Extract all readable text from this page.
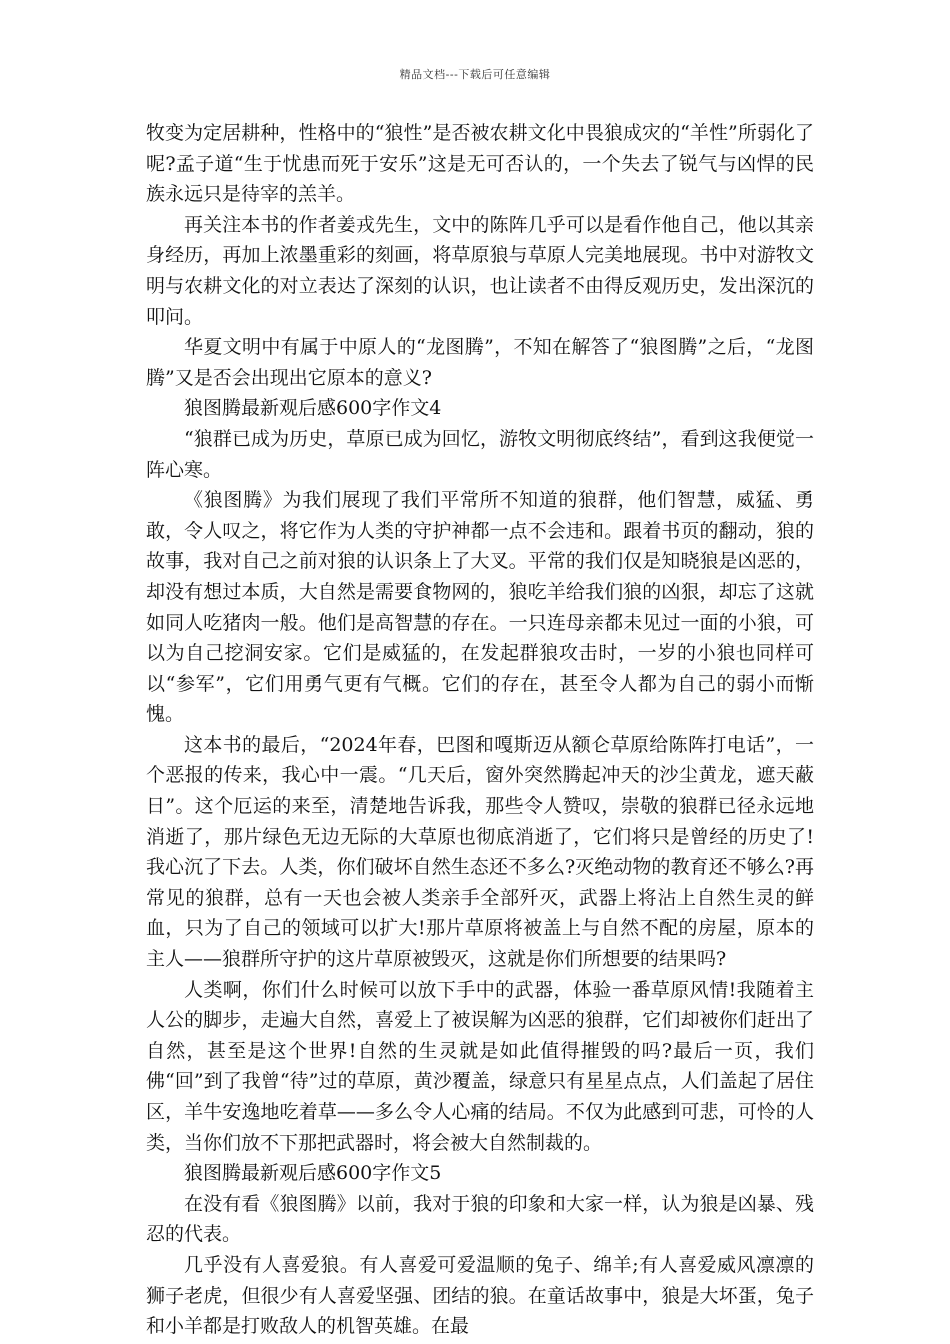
精品文档---下载后可任意编辑

牧变为定居耕种，性格中的“狼性”是否被农耕文化中畏狼成灾的“羊性”所弱化了呢?孟子道“生于忧患而死于安乐”这是无可否认的，一个失去了锐气与凶悍的民族永远只是待宰的羔羊。

再关注本书的作者姜戎先生，文中的陈阵几乎可以是看作他自己，他以其亲身经历，再加上浓墨重彩的刻画，将草原狼与草原人完美地展现。书中对游牧文明与农耕文化的对立表达了深刻的认识，也让读者不由得反观历史，发出深沉的叩问。

华夏文明中有属于中原人的“龙图腾”，不知在解答了“狼图腾”之后，“龙图腾”又是否会出现出它原本的意义?

狼图腾最新观后感600字作文4

“狼群已成为历史，草原已成为回忆，游牧文明彻底终结”，看到这我便觉一阵心寒。

《狼图腾》为我们展现了我们平常所不知道的狼群，他们智慧，威猛、勇敢，令人叹之，将它作为人类的守护神都一点不会违和。跟着书页的翻动，狼的故事，我对自己之前对狼的认识条上了大叉。平常的我们仅是知晓狼是凶恶的，却没有想过本质，大自然是需要食物网的，狼吃羊给我们狼的凶狠，却忘了这就如同人吃猪肉一般。他们是高智慧的存在。一只连母亲都未见过一面的小狼，可以为自己挖洞安家。它们是威猛的，在发起群狼攻击时，一岁的小狼也同样可以“参军”，它们用勇气更有气概。它们的存在，甚至令人都为自己的弱小而惭愧。

这本书的最后，“2024年春，巴图和嘎斯迈从额仑草原给陈阵打电话”，一个恶报的传来，我心中一震。“几天后，窗外突然腾起冲天的沙尘黄龙，遮天蔽日”。这个厄运的来至，清楚地告诉我，那些令人赞叹，崇敬的狼群已径永远地消逝了，那片绿色无边无际的大草原也彻底消逝了，它们将只是曾经的历史了!我心沉了下去。人类，你们破坏自然生态还不多么?灭绝动物的教育还不够么?再常见的狼群，总有一天也会被人类亲手全部歼灭，武器上将沾上自然生灵的鲜血，只为了自己的领域可以扩大!那片草原将被盖上与自然不配的房屋，原本的主人——狼群所守护的这片草原被毁灭，这就是你们所想要的结果吗?

人类啊，你们什么时候可以放下手中的武器，体验一番草原风情!我随着主人公的脚步，走遍大自然，喜爱上了被误解为凶恶的狼群，它们却被你们赶出了自然，甚至是这个世界!自然的生灵就是如此值得摧毁的吗?最后一页，我们佛“回”到了我曾“待”过的草原，黄沙覆盖，绿意只有星星点点，人们盖起了居住区，羊牛安逸地吃着草——多么令人心痛的结局。不仅为此感到可悲，可怜的人类，当你们放不下那把武器时，将会被大自然制裁的。

狼图腾最新观后感600字作文5

在没有看《狼图腾》以前，我对于狼的印象和大家一样，认为狼是凶暴、残忍的代表。

几乎没有人喜爱狼。有人喜爱可爱温顺的兔子、绵羊;有人喜爱威风凛凛的狮子老虎，但很少有人喜爱坚强、团结的狼。在童话故事中，狼是大坏蛋，兔子和小羊都是打败敌人的机智英雄。在最
